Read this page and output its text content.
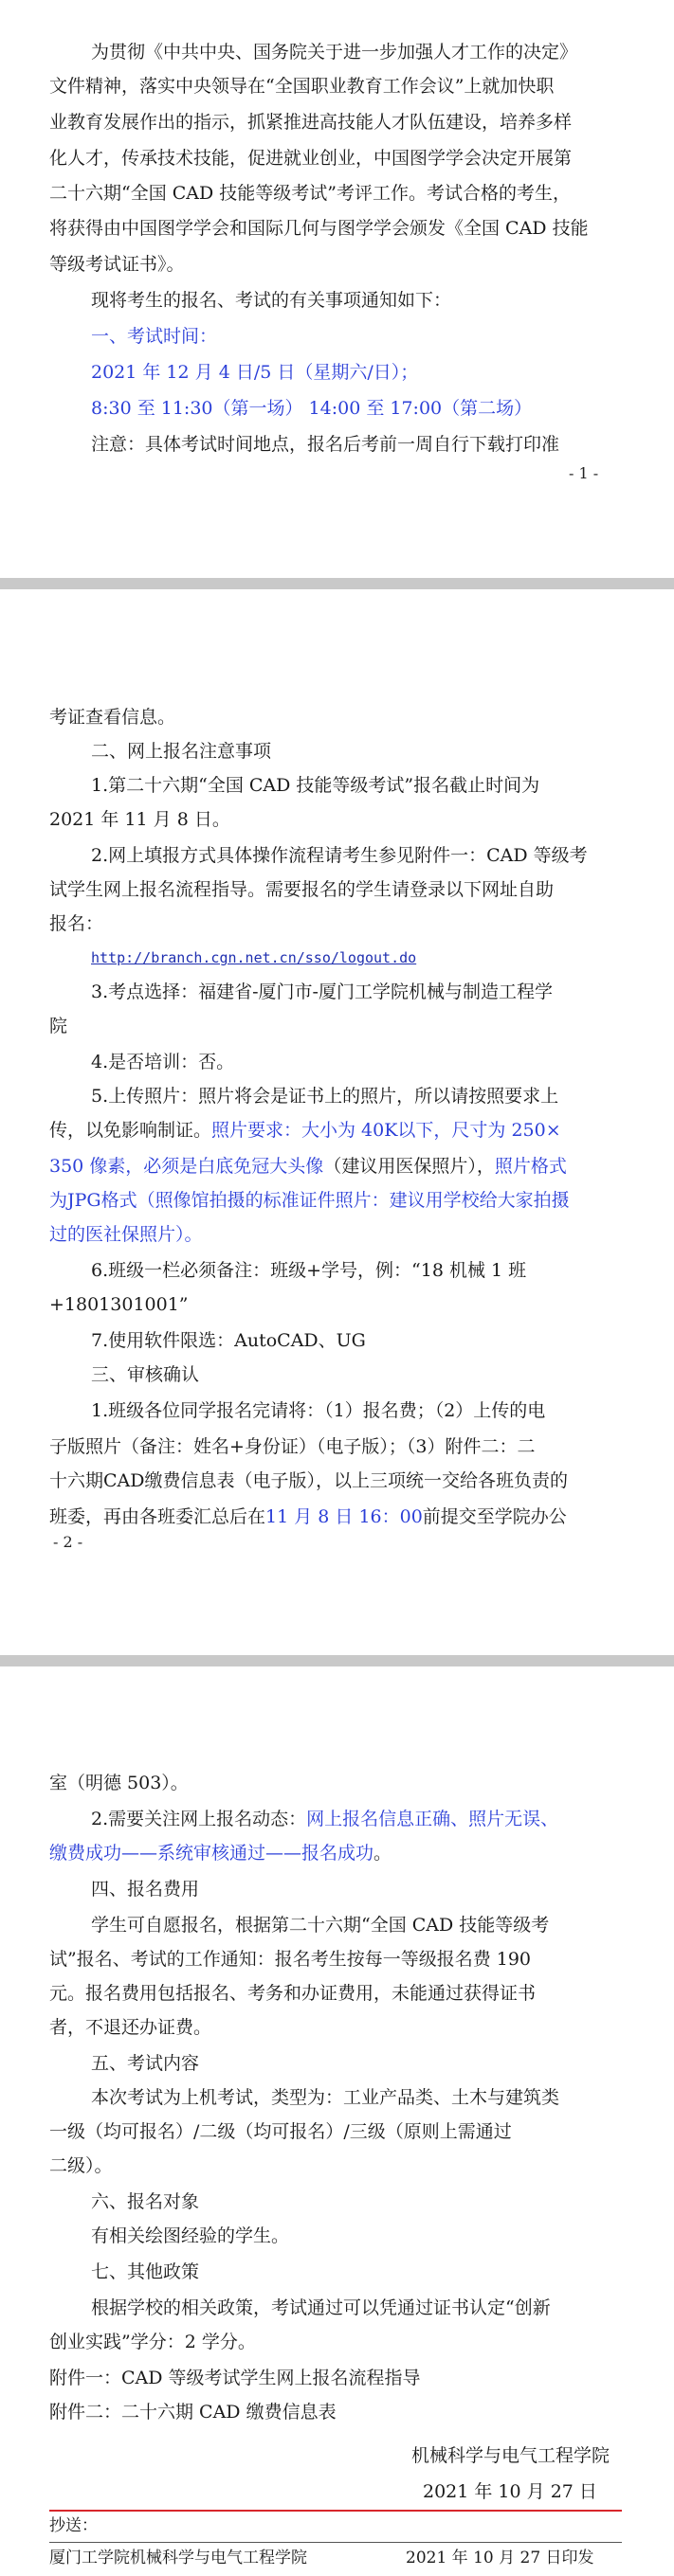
为贯彻《中共中央、国务院关于进一步加强人才工作的决定》
文件精神，落实中央领导在“全国职业教育工作会议”上就加快职
业教育发展作出的指示，抓紧推进高技能人才队伍建设，培养多样
化人才，传承技术技能，促进就业创业，中国图学学会决定开展第
二十六期“全国 CAD 技能等级考试”考评工作。考试合格的考生，
将获得由中国图学学会和国际几何与图学学会颁发《全国 CAD 技能
等级考试证书》。
现将考生的报名、考试的有关事项通知如下：
一、考试时间：
2021 年 12 月 4 日/5 日（星期六/日）；
8:30 至 11:30（第一场） 14:00 至 17:00（第二场）
注意：具体考试时间地点，报名后考前一周自行下载打印准
- 1 -
考证查看信息。
二、网上报名注意事项
1.第二十六期“全国 CAD 技能等级考试”报名截止时间为
2021 年 11 月 8 日。
2.网上填报方式具体操作流程请考生参见附件一：CAD 等级考
试学生网上报名流程指导。需要报名的学生请登录以下网址自助
报名：
http://branch.cgn.net.cn/sso/logout.do
3.考点选择：福建省-厦门市-厦门工学院机械与制造工程学
院
4.是否培训：否。
5.上传照片：照片将会是证书上的照片，所以请按照要求上
传，以免影响制证。照片要求：大小为 40K以下，尺寸为 250×
350 像素，必须是白底免冠大头像（建议用医保照片），照片格式
为JPG格式（照像馆拍摄的标准证件照片：建议用学校给大家拍摄
过的医社保照片）。
6.班级一栏必须备注：班级+学号，例：“18 机械 1 班
+1801301001”
7.使用软件限选：AutoCAD、UG
三、审核确认
1.班级各位同学报名完请将：（1）报名费；（2）上传的电
子版照片（备注：姓名+身份证）（电子版）；（3）附件二：二
十六期CAD缴费信息表（电子版），以上三项统一交给各班负责的
班委，再由各班委汇总后在11 月 8 日 16：00前提交至学院办公
- 2 -
室（明德 503）。
2.需要关注网上报名动态：网上报名信息正确、照片无误、
缴费成功——系统审核通过——报名成功。
四、报名费用
学生可自愿报名，根据第二十六期“全国 CAD 技能等级考
试”报名、考试的工作通知：报名考生按每一等级报名费 190
元。报名费用包括报名、考务和办证费用，未能通过获得证书
者，不退还办证费。
五、考试内容
本次考试为上机考试，类型为：工业产品类、土木与建筑类
一级（均可报名）/二级（均可报名）/三级（原则上需通过
二级）。
六、报名对象
有相关绘图经验的学生。
七、其他政策
根据学校的相关政策，考试通过可以凭通过证书认定“创新
创业实践”学分：2 学分。
附件一：CAD 等级考试学生网上报名流程指导
附件二：二十六期 CAD 缴费信息表
机械科学与电气工程学院
2021 年 10 月 27 日
抄送：
厦门工学院机械科学与电气工程学院	2021 年 10 月 27 日印发
